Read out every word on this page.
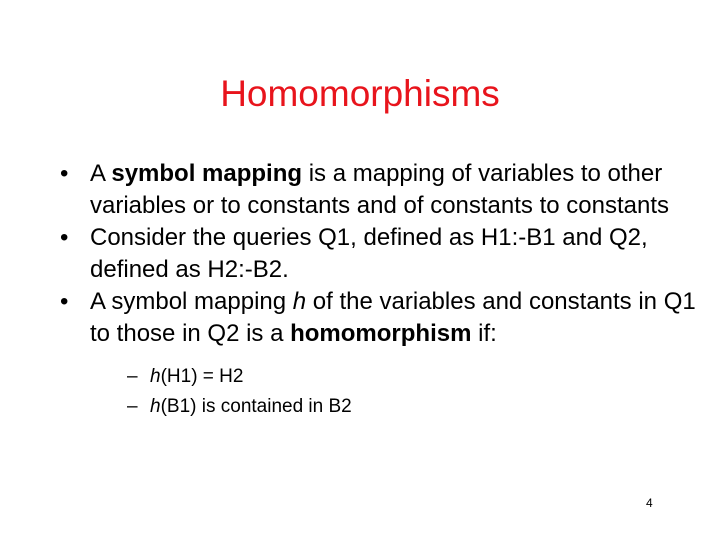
Homomorphisms
• A symbol mapping is a mapping of variables to other variables or to constants and of constants to constants
• Consider the queries Q1, defined as H1:-B1 and Q2, defined as H2:-B2.
• A symbol mapping h of the variables and constants in Q1 to those in Q2 is a homomorphism if:
– h(H1) = H2
– h(B1) is contained in B2
4
